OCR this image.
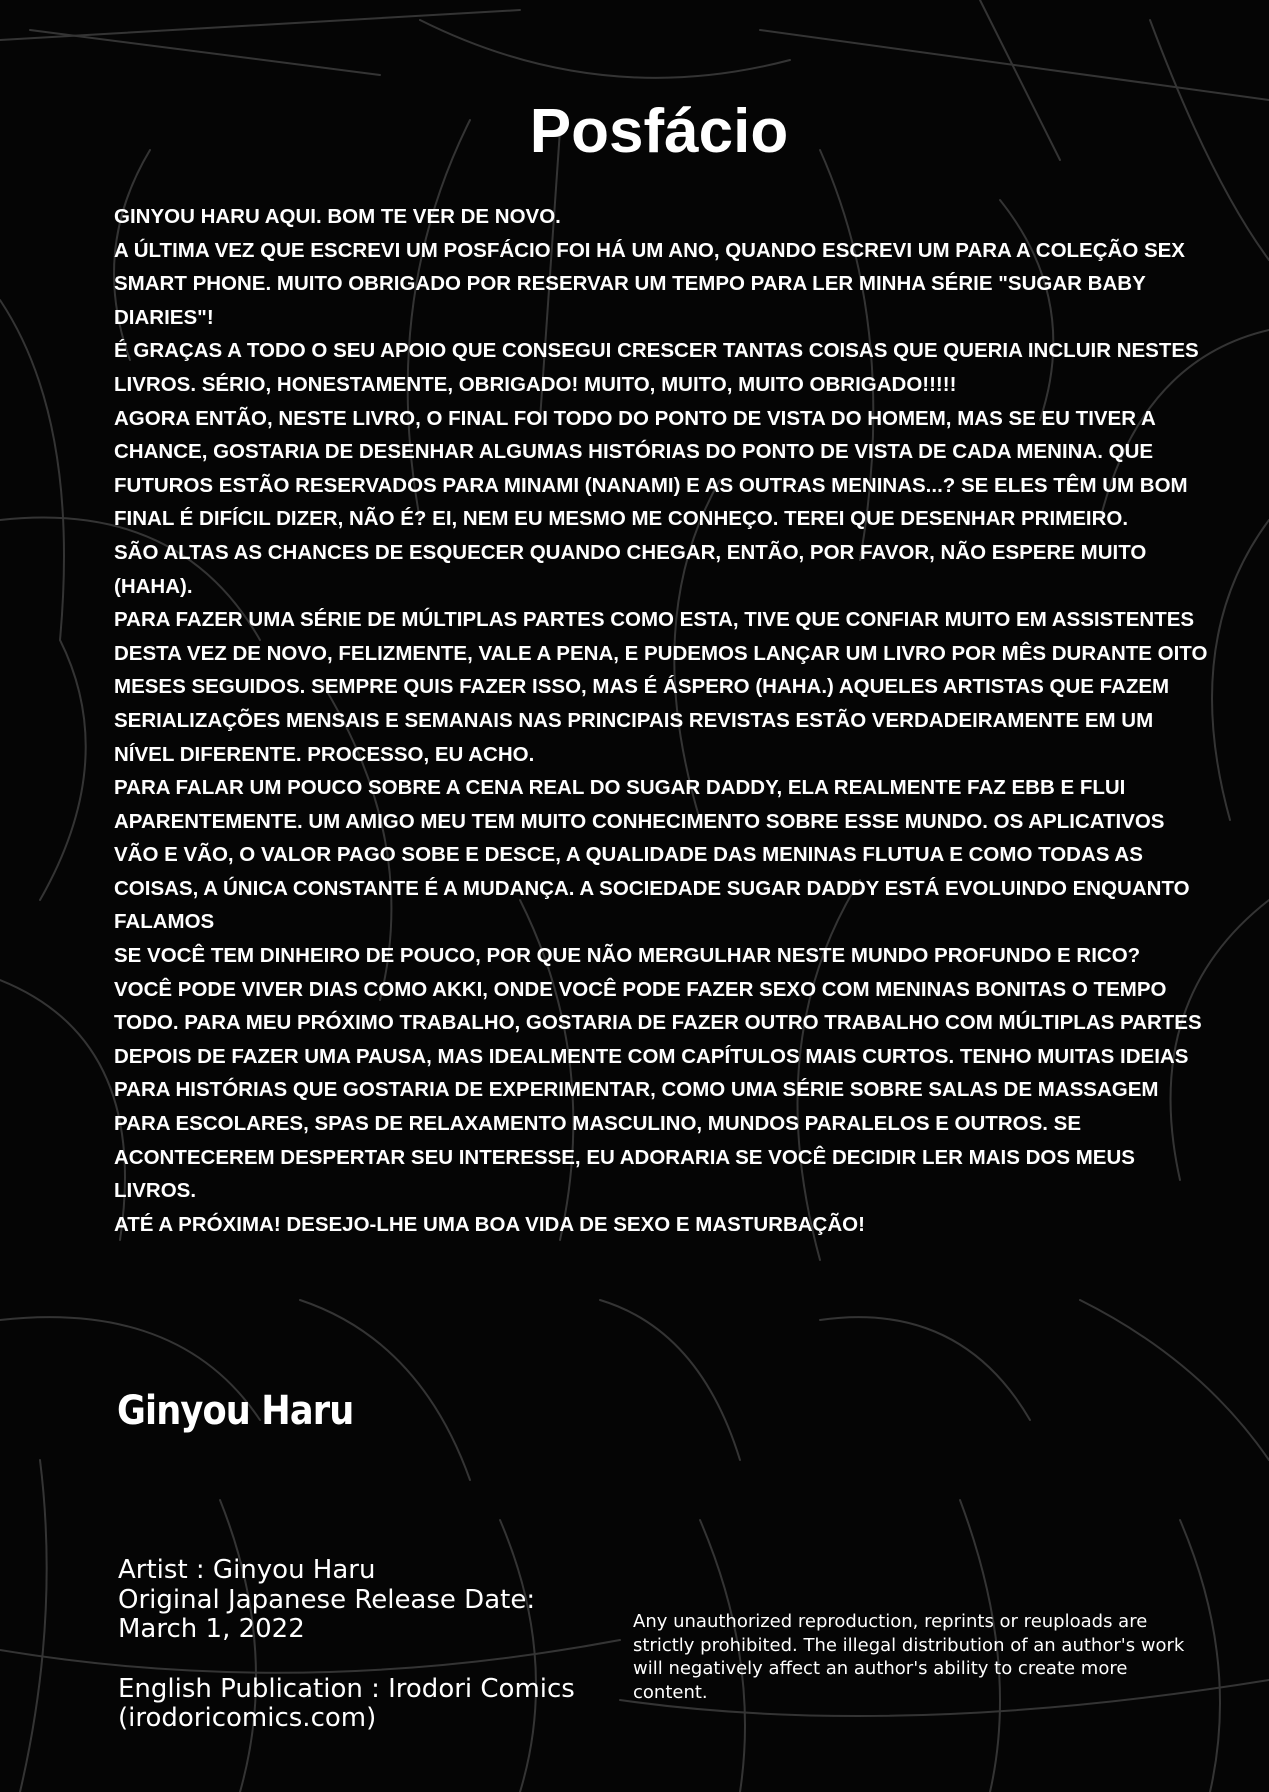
Posfácio

GINYOU HARU AQUI. BOM TE VER DE NOVO.

A ÚLTIMA VEZ QUE ESCREVI UM POSFÁCIO FOI HÁ UM ANO, QUANDO ESCREVI UM PARA A COLEÇÃO SEX SMART PHONE. MUITO OBRIGADO POR RESERVAR UM TEMPO PARA LER MINHA SÉRIE "SUGAR BABY DIARIES"!

É GRAÇAS A TODO O SEU APOIO QUE CONSEGUI CRESCER TANTAS COISAS QUE QUERIA INCLUIR NESTES LIVROS. SÉRIO, HONESTAMENTE, OBRIGADO! MUITO, MUITO, MUITO OBRIGADO!!!!!

AGORA ENTÃO, NESTE LIVRO, O FINAL FOI TODO DO PONTO DE VISTA DO HOMEM, MAS SE EU TIVER A CHANCE, GOSTARIA DE DESENHAR ALGUMAS HISTÓRIAS DO PONTO DE VISTA DE CADA MENINA. QUE FUTUROS ESTÃO RESERVADOS PARA MINAMI (NANAMI) E AS OUTRAS MENINAS...? SE ELES TÊM UM BOM FINAL É DIFÍCIL DIZER, NÃO É? EI, NEM EU MESMO ME CONHEÇO. TEREI QUE DESENHAR PRIMEIRO.

SÃO ALTAS AS CHANCES DE ESQUECER QUANDO CHEGAR, ENTÃO, POR FAVOR, NÃO ESPERE MUITO (HAHA).

PARA FAZER UMA SÉRIE DE MÚLTIPLAS PARTES COMO ESTA, TIVE QUE CONFIAR MUITO EM ASSISTENTES DESTA VEZ DE NOVO, FELIZMENTE, VALE A PENA, E PUDEMOS LANÇAR UM LIVRO POR MÊS DURANTE OITO MESES SEGUIDOS. SEMPRE QUIS FAZER ISSO, MAS É ÁSPERO (HAHA.) AQUELES ARTISTAS QUE FAZEM SERIALIZAÇÕES MENSAIS E SEMANAIS NAS PRINCIPAIS REVISTAS ESTÃO VERDADEIRAMENTE EM UM NÍVEL DIFERENTE. PROCESSO, EU ACHO.

PARA FALAR UM POUCO SOBRE A CENA REAL DO SUGAR DADDY, ELA REALMENTE FAZ EBB E FLUI APARENTEMENTE. UM AMIGO MEU TEM MUITO CONHECIMENTO SOBRE ESSE MUNDO. OS APLICATIVOS VÃO E VÃO, O VALOR PAGO SOBE E DESCE, A QUALIDADE DAS MENINAS FLUTUA E COMO TODAS AS COISAS, A ÚNICA CONSTANTE É A MUDANÇA. A SOCIEDADE SUGAR DADDY ESTÁ EVOLUINDO ENQUANTO FALAMOS

SE VOCÊ TEM DINHEIRO DE POUCO, POR QUE NÃO MERGULHAR NESTE MUNDO PROFUNDO E RICO?

VOCÊ PODE VIVER DIAS COMO AKKI, ONDE VOCÊ PODE FAZER SEXO COM MENINAS BONITAS O TEMPO TODO. PARA MEU PRÓXIMO TRABALHO, GOSTARIA DE FAZER OUTRO TRABALHO COM MÚLTIPLAS PARTES DEPOIS DE FAZER UMA PAUSA, MAS IDEALMENTE COM CAPÍTULOS MAIS CURTOS. TENHO MUITAS IDEIAS PARA HISTÓRIAS QUE GOSTARIA DE EXPERIMENTAR, COMO UMA SÉRIE SOBRE SALAS DE MASSAGEM PARA ESCOLARES, SPAS DE RELAXAMENTO MASCULINO, MUNDOS PARALELOS E OUTROS. SE ACONTECEREM DESPERTAR SEU INTERESSE, EU ADORARIA SE VOCÊ DECIDIR LER MAIS DOS MEUS LIVROS.

ATÉ A PRÓXIMA! DESEJO-LHE UMA BOA VIDA DE SEXO E MASTURBAÇÃO!

Ginyou Haru
Artist : Ginyou Haru
Original Japanese Release Date:
March 1, 2022
English Publication : Irodori Comics
(irodoricomics.com)
Any unauthorized reproduction, reprints or reuploads are strictly prohibited. The illegal distribution of an author's work will negatively affect an author's ability to create more content.
